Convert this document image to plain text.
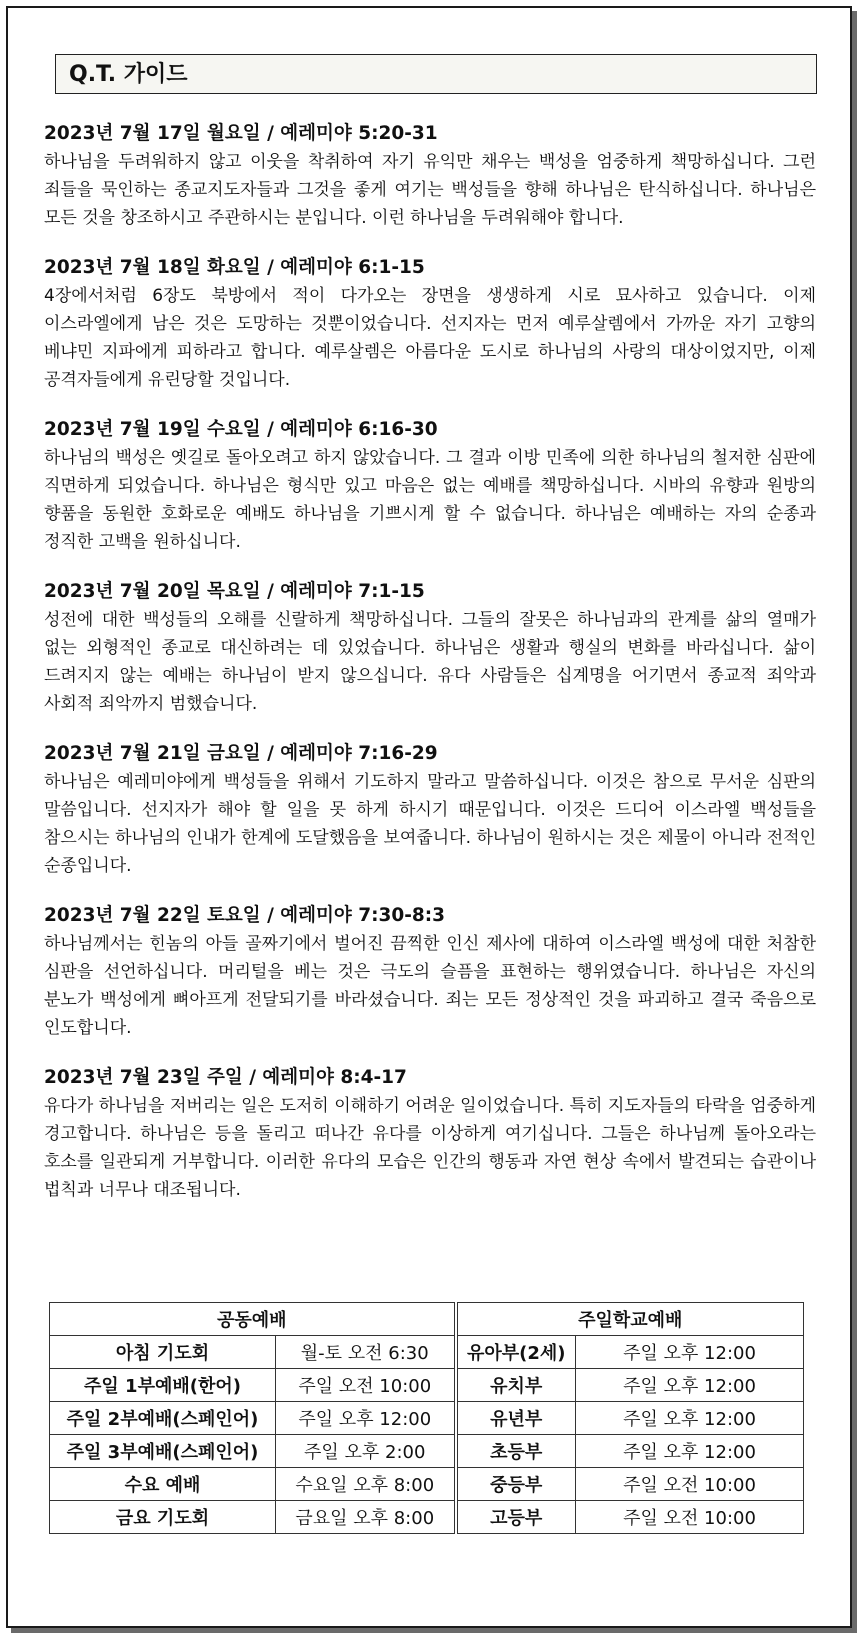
Q.T. 가이드
2023년 7월 17일 월요일 / 예레미야 5:20-31

하나님을 두려워하지 않고 이웃을 착취하여 자기 유익만 채우는 백성을 엄중하게 책망하십니다. 그런 죄들을 묵인하는 종교지도자들과 그것을 좋게 여기는 백성들을 향해 하나님은 탄식하십니다. 하나님은 모든 것을 창조하시고 주관하시는 분입니다. 이런 하나님을 두려워해야 합니다.

2023년 7월 18일 화요일 / 예레미야 6:1-15

4장에서처럼 6장도 북방에서 적이 다가오는 장면을 생생하게 시로 묘사하고 있습니다. 이제 이스라엘에게 남은 것은 도망하는 것뿐이었습니다. 선지자는 먼저 예루살렘에서 가까운 자기 고향의 베냐민 지파에게 피하라고 합니다. 예루살렘은 아름다운 도시로 하나님의 사랑의 대상이었지만, 이제 공격자들에게 유린당할 것입니다.

2023년 7월 19일 수요일 / 예레미야 6:16-30

하나님의 백성은 옛길로 돌아오려고 하지 않았습니다. 그 결과 이방 민족에 의한 하나님의 철저한 심판에 직면하게 되었습니다. 하나님은 형식만 있고 마음은 없는 예배를 책망하십니다. 시바의 유향과 원방의 향품을 동원한 호화로운 예배도 하나님을 기쁘시게 할 수 없습니다. 하나님은 예배하는 자의 순종과 정직한 고백을 원하십니다.

2023년 7월 20일 목요일 / 예레미야 7:1-15

성전에 대한 백성들의 오해를 신랄하게 책망하십니다. 그들의 잘못은 하나님과의 관계를 삶의 열매가 없는 외형적인 종교로 대신하려는 데 있었습니다. 하나님은 생활과 행실의 변화를 바라십니다. 삶이 드려지지 않는 예배는 하나님이 받지 않으십니다. 유다 사람들은 십계명을 어기면서 종교적 죄악과 사회적 죄악까지 범했습니다.

2023년 7월 21일 금요일 / 예레미야 7:16-29

하나님은 예레미야에게 백성들을 위해서 기도하지 말라고 말씀하십니다. 이것은 참으로 무서운 심판의 말씀입니다. 선지자가 해야 할 일을 못 하게 하시기 때문입니다. 이것은 드디어 이스라엘 백성들을 참으시는 하나님의 인내가 한계에 도달했음을 보여줍니다. 하나님이 원하시는 것은 제물이 아니라 전적인 순종입니다.

2023년 7월 22일 토요일 / 예레미야 7:30-8:3

하나님께서는 힌놈의 아들 골짜기에서 벌어진 끔찍한 인신 제사에 대하여 이스라엘 백성에 대한 처참한 심판을 선언하십니다. 머리털을 베는 것은 극도의 슬픔을 표현하는 행위였습니다. 하나님은 자신의 분노가 백성에게 뼈아프게 전달되기를 바라셨습니다. 죄는 모든 정상적인 것을 파괴하고 결국 죽음으로 인도합니다.

2023년 7월 23일 주일 / 예레미야 8:4-17

유다가 하나님을 저버리는 일은 도저히 이해하기 어려운 일이었습니다. 특히 지도자들의 타락을 엄중하게 경고합니다. 하나님은 등을 돌리고 떠나간 유다를 이상하게 여기십니다. 그들은 하나님께 돌아오라는 호소를 일관되게 거부합니다. 이러한 유다의 모습은 인간의 행동과 자연 현상 속에서 발견되는 습관이나 법칙과 너무나 대조됩니다.

공동예배		주일학교예배	
아침 기도회	월-토 오전 6:30	유아부(2세)	주일 오후 12:00
주일 1부예배(한어)	주일 오전 10:00	유치부	주일 오후 12:00
주일 2부예배(스페인어)	주일 오후 12:00	유년부	주일 오후 12:00
주일 3부예배(스페인어)	주일 오후 2:00	초등부	주일 오후 12:00
수요 예배	수요일 오후 8:00	중등부	주일 오전 10:00
금요 기도회	금요일 오후 8:00	고등부	주일 오전 10:00
